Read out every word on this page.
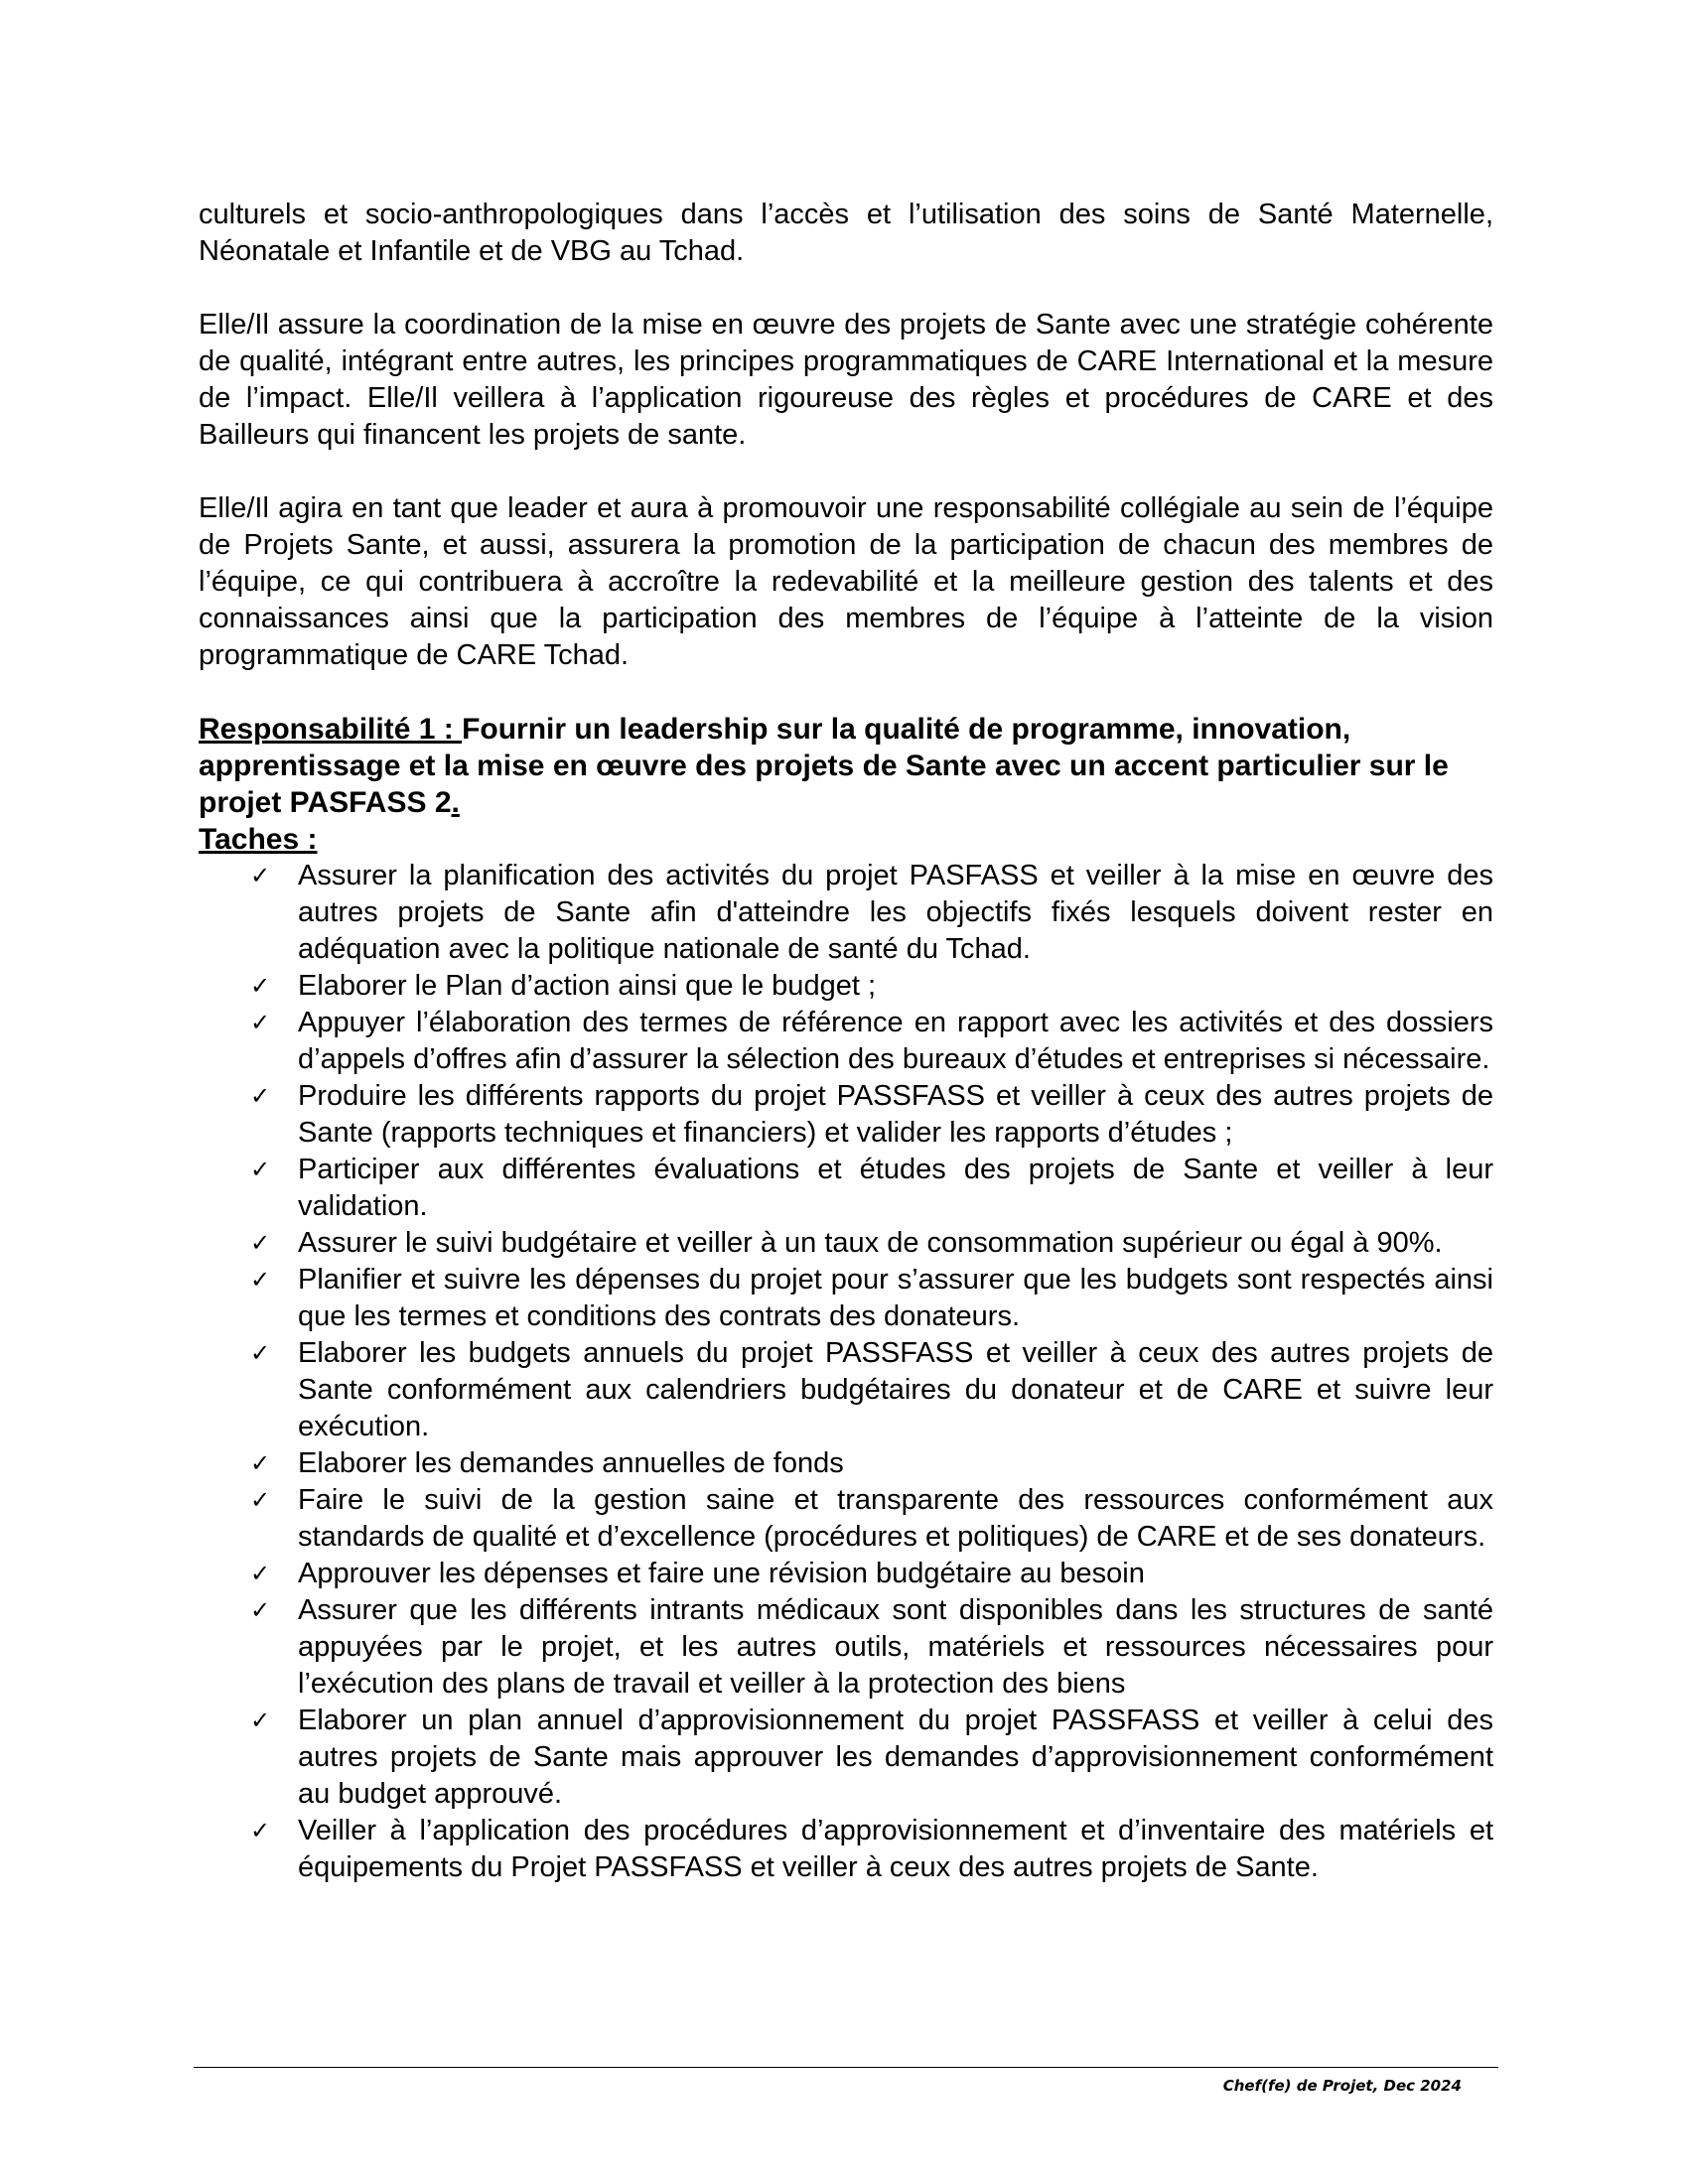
culturels et socio-anthropologiques dans l’accès et l’utilisation des soins de Santé Maternelle, Néonatale et Infantile et de VBG au Tchad.

Elle/Il assure la coordination de la mise en œuvre des projets de Sante avec une stratégie cohérente de qualité, intégrant entre autres, les principes programmatiques de CARE International et la mesure de l’impact. Elle/Il veillera à l’application rigoureuse des règles et procédures de CARE et des Bailleurs qui financent les projets de sante.

Elle/Il agira en tant que leader et aura à promouvoir une responsabilité collégiale au sein de l’équipe de Projets Sante, et aussi, assurera la promotion de la participation de chacun des membres de l’équipe, ce qui contribuera à accroître la redevabilité et la meilleure gestion des talents et des connaissances ainsi que la participation des membres de l’équipe à l’atteinte de la vision programmatique de CARE Tchad.

Responsabilité 1 : Fournir un leadership sur la qualité de programme, innovation, apprentissage et la mise en œuvre des projets de Sante avec un accent particulier sur le projet PASFASS 2.

Taches :

✓ Assurer la planification des activités du projet PASFASS et veiller à la mise en œuvre des autres projets de Sante afin d'atteindre les objectifs fixés lesquels doivent rester en adéquation avec la politique nationale de santé du Tchad.
✓ Elaborer le Plan d’action ainsi que le budget ;
✓ Appuyer l’élaboration des termes de référence en rapport avec les activités et des dossiers d’appels d’offres afin d’assurer la sélection des bureaux d’études et entreprises si nécessaire.
✓ Produire les différents rapports du projet PASSFASS et veiller à ceux des autres projets de Sante (rapports techniques et financiers) et valider les rapports d’études ;
✓ Participer aux différentes évaluations et études des projets de Sante et veiller à leur validation.
✓ Assurer le suivi budgétaire et veiller à un taux de consommation supérieur ou égal à 90%.
✓ Planifier et suivre les dépenses du projet pour s’assurer que les budgets sont respectés ainsi que les termes et conditions des contrats des donateurs.
✓ Elaborer les budgets annuels du projet PASSFASS et veiller à ceux des autres projets de Sante conformément aux calendriers budgétaires du donateur et de CARE et suivre leur exécution.
✓ Elaborer les demandes annuelles de fonds
✓ Faire le suivi de la gestion saine et transparente des ressources conformément aux standards de qualité et d’excellence (procédures et politiques) de CARE et de ses donateurs.
✓ Approuver les dépenses et faire une révision budgétaire au besoin
✓ Assurer que les différents intrants médicaux sont disponibles dans les structures de santé appuyées par le projet, et les autres outils, matériels et ressources nécessaires pour l’exécution des plans de travail et veiller à la protection des biens
✓ Elaborer un plan annuel d’approvisionnement du projet PASSFASS et veiller à celui des autres projets de Sante mais approuver les demandes d’approvisionnement conformément au budget approuvé.
✓ Veiller à l’application des procédures d’approvisionnement et d’inventaire des matériels et équipements du Projet PASSFASS et veiller à ceux des autres projets de Sante.
Chef(fe) de Projet, Dec 2024
